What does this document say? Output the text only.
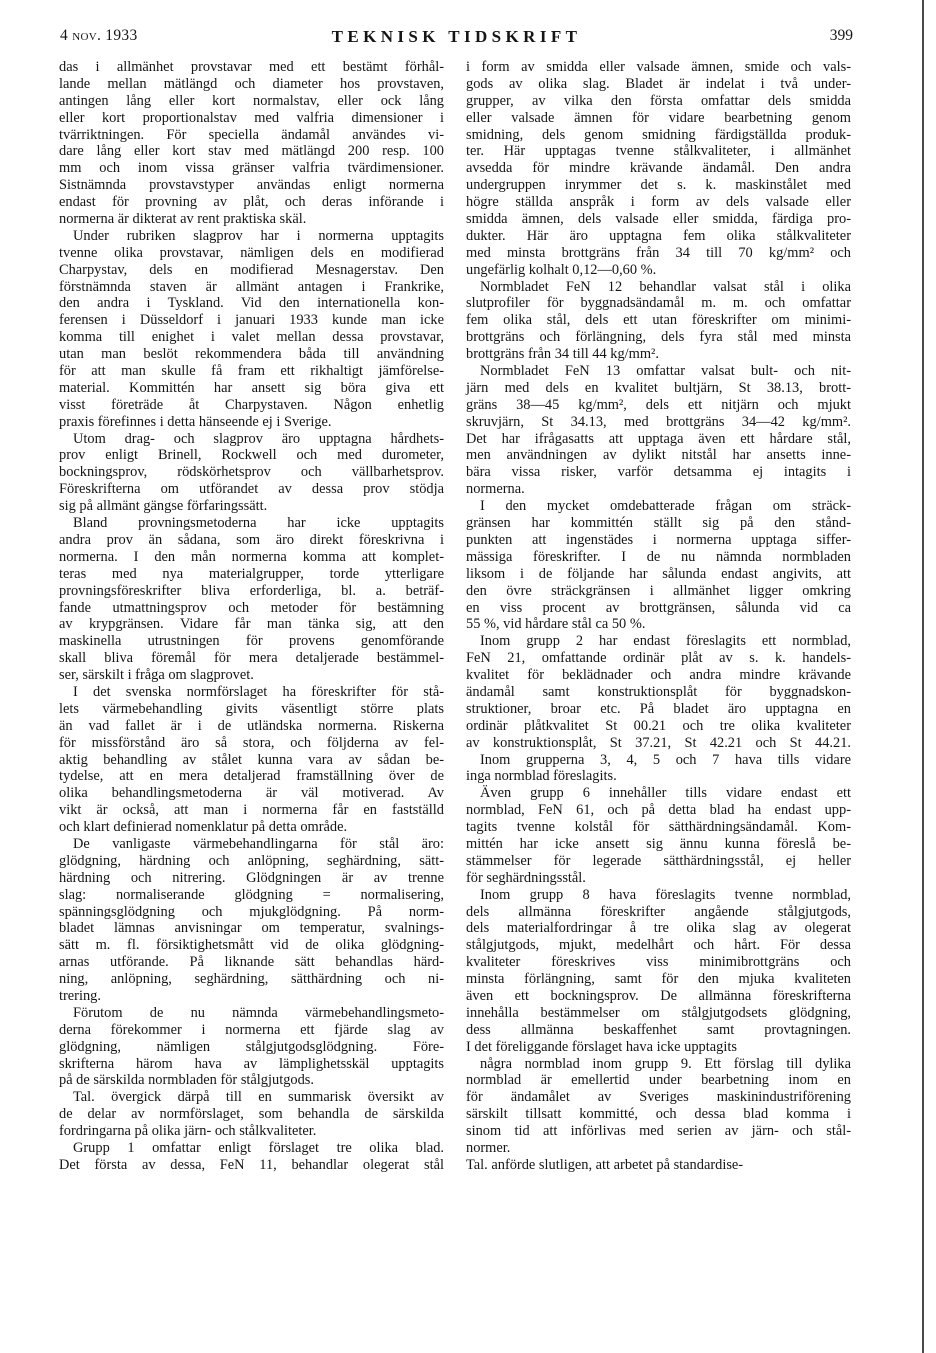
4 nov. 1933	TEKNISK TIDSKRIFT	399
das i allmänhet provstavar med ett bestämt förhål-
lande mellan mätlängd och diameter hos provstaven,
antingen lång eller kort normalstav, eller ock lång
eller kort proportionalstav med valfria dimensioner i
tvärriktningen. För speciella ändamål användes vi-
dare lång eller kort stav med mätlängd 200 resp. 100
mm och inom vissa gränser valfria tvärdimensioner.
Sistnämnda provstavstyper användas enligt normerna
endast för provning av plåt, och deras införande i
normerna är dikterat av rent praktiska skäl.
Under rubriken slagprov har i normerna upptagits
tvenne olika provstavar, nämligen dels en modifierad
Charpystav, dels en modifierad Mesnagerstav. Den
förstnämnda staven är allmänt antagen i Frankrike,
den andra i Tyskland. Vid den internationella kon-
ferensen i Düsseldorf i januari 1933 kunde man icke
komma till enighet i valet mellan dessa provstavar,
utan man beslöt rekommendera båda till användning
för att man skulle få fram ett rikhaltigt jämförelse-
material. Kommittén har ansett sig böra giva ett
visst företräde åt Charpystaven. Någon enhetlig
praxis förefinnes i detta hänseende ej i Sverige.
Utom drag- och slagprov äro upptagna hårdhets-
prov enligt Brinell, Rockwell och med durometer,
bockningsprov, rödskörhetsprov och vällbarhetsprov.
Föreskrifterna om utförandet av dessa prov stödja
sig på allmänt gängse förfaringssätt.
Bland provningsmetoderna har icke upptagits
andra prov än sådana, som äro direkt föreskrivna i
normerna. I den mån normerna komma att komplet-
teras med nya materialgrupper, torde ytterligare
provningsföreskrifter bliva erforderliga, bl. a. beträf-
fande utmattningsprov och metoder för bestämning
av krypgränsen. Vidare får man tänka sig, att den
maskinella utrustningen för provens genomförande
skall bliva föremål för mera detaljerade bestämmel-
ser, särskilt i fråga om slagprovet.
I det svenska normförslaget ha föreskrifter för stå-
lets värmebehandling givits väsentligt större plats
än vad fallet är i de utländska normerna. Riskerna
för missförstånd äro så stora, och följderna av fel-
aktig behandling av stålet kunna vara av sådan be-
tydelse, att en mera detaljerad framställning över de
olika behandlingsmetoderna är väl motiverad. Av
vikt är också, att man i normerna får en fastställd
och klart definierad nomenklatur på detta område.
De vanligaste värmebehandlingarna för stål äro:
glödgning, härdning och anlöpning, seghärdning, sätt-
härdning och nitrering. Glödgningen är av trenne
slag: normaliserande glödgning = normalisering,
spänningsglödgning och mjukglödgning. På norm-
bladet lämnas anvisningar om temperatur, svalnings-
sätt m. fl. försiktighetsmått vid de olika glödgning-
arnas utförande. På liknande sätt behandlas härd-
ning, anlöpning, seghärdning, sätthärdning och ni-
trering.
Förutom de nu nämnda värmebehandlingsmeto-
derna förekommer i normerna ett fjärde slag av
glödgning, nämligen stålgjutgodsglödgning. Före-
skrifterna härom hava av lämplighetsskäl upptagits
på de särskilda normbladen för stålgjutgods.
Tal. övergick därpå till en summarisk översikt av
de delar av normförslaget, som behandla de särskilda
fordringarna på olika järn- och stålkvaliteter.
Grupp 1 omfattar enligt förslaget tre olika blad.
Det första av dessa, FeN 11, behandlar olegerat stål
i form av smidda eller valsade ämnen, smide och vals-
gods av olika slag. Bladet är indelat i två under-
grupper, av vilka den första omfattar dels smidda
eller valsade ämnen för vidare bearbetning genom
smidning, dels genom smidning färdigställda produk-
ter. Här upptagas tvenne stålkvaliteter, i allmänhet
avsedda för mindre krävande ändamål. Den andra
undergruppen inrymmer det s. k. maskinstålet med
högre ställda anspråk i form av dels valsade eller
smidda ämnen, dels valsade eller smidda, färdiga pro-
dukter. Här äro upptagna fem olika stålkvaliteter
med minsta brottgräns från 34 till 70 kg/mm² och
ungefärlig kolhalt 0,12—0,60 %.
Normbladet FeN 12 behandlar valsat stål i olika
slutprofiler för byggnadsändamål m. m. och omfattar
fem olika stål, dels ett utan föreskrifter om minimi-
brottgräns och förlängning, dels fyra stål med minsta
brottgräns från 34 till 44 kg/mm².
Normbladet FeN 13 omfattar valsat bult- och nit-
järn med dels en kvalitet bultjärn, St 38.13, brott-
gräns 38—45 kg/mm², dels ett nitjärn och mjukt
skruvjärn, St 34.13, med brottgräns 34—42 kg/mm².
Det har ifrågasatts att upptaga även ett hårdare stål,
men användningen av dylikt nitstål har ansetts inne-
bära vissa risker, varför detsamma ej intagits i
normerna.
I den mycket omdebatterade frågan om sträck-
gränsen har kommittén ställt sig på den stånd-
punkten att ingenstädes i normerna upptaga siffer-
mässiga föreskrifter. I de nu nämnda normbladen
liksom i de följande har sålunda endast angivits, att
den övre sträckgränsen i allmänhet ligger omkring
en viss procent av brottgränsen, sålunda vid ca
55 %, vid hårdare stål ca 50 %.
Inom grupp 2 har endast föreslagits ett normblad,
FeN 21, omfattande ordinär plåt av s. k. handels-
kvalitet för beklädnader och andra mindre krävande
ändamål samt konstruktionsplåt för byggnadskon-
struktioner, broar etc. På bladet äro upptagna en
ordinär plåtkvalitet St 00.21 och tre olika kvaliteter
av konstruktionsplåt, St 37.21, St 42.21 och St 44.21.
Inom grupperna 3, 4, 5 och 7 hava tills vidare
inga normblad föreslagits.
Även grupp 6 innehåller tills vidare endast ett
normblad, FeN 61, och på detta blad ha endast upp-
tagits tvenne kolstål för sätthärdningsändamål. Kom-
mittén har icke ansett sig ännu kunna föreslå be-
stämmelser för legerade sätthärdningsstål, ej heller
för seghärdningsstål.
Inom grupp 8 hava föreslagits tvenne normblad,
dels allmänna föreskrifter angående stålgjutgods,
dels materialfordringar å tre olika slag av olegerat
stålgjutgods, mjukt, medelhårt och hårt. För dessa
kvaliteter föreskrives viss minimibrottgräns och
minsta förlängning, samt för den mjuka kvaliteten
även ett bockningsprov. De allmänna föreskrifterna
innehålla bestämmelser om stålgjutgodsets glödgning,
dess allmänna beskaffenhet samt provtagningen.
I det föreliggande förslaget hava icke upptagits
några normblad inom grupp 9. Ett förslag till dylika
normblad är emellertid under bearbetning inom en
för ändamålet av Sveriges maskinindustriförening
särskilt tillsatt kommitté, och dessa blad komma i
sinom tid att införlivas med serien av järn- och stål-
normer.
Tal. anförde slutligen, att arbetet på standardise-
